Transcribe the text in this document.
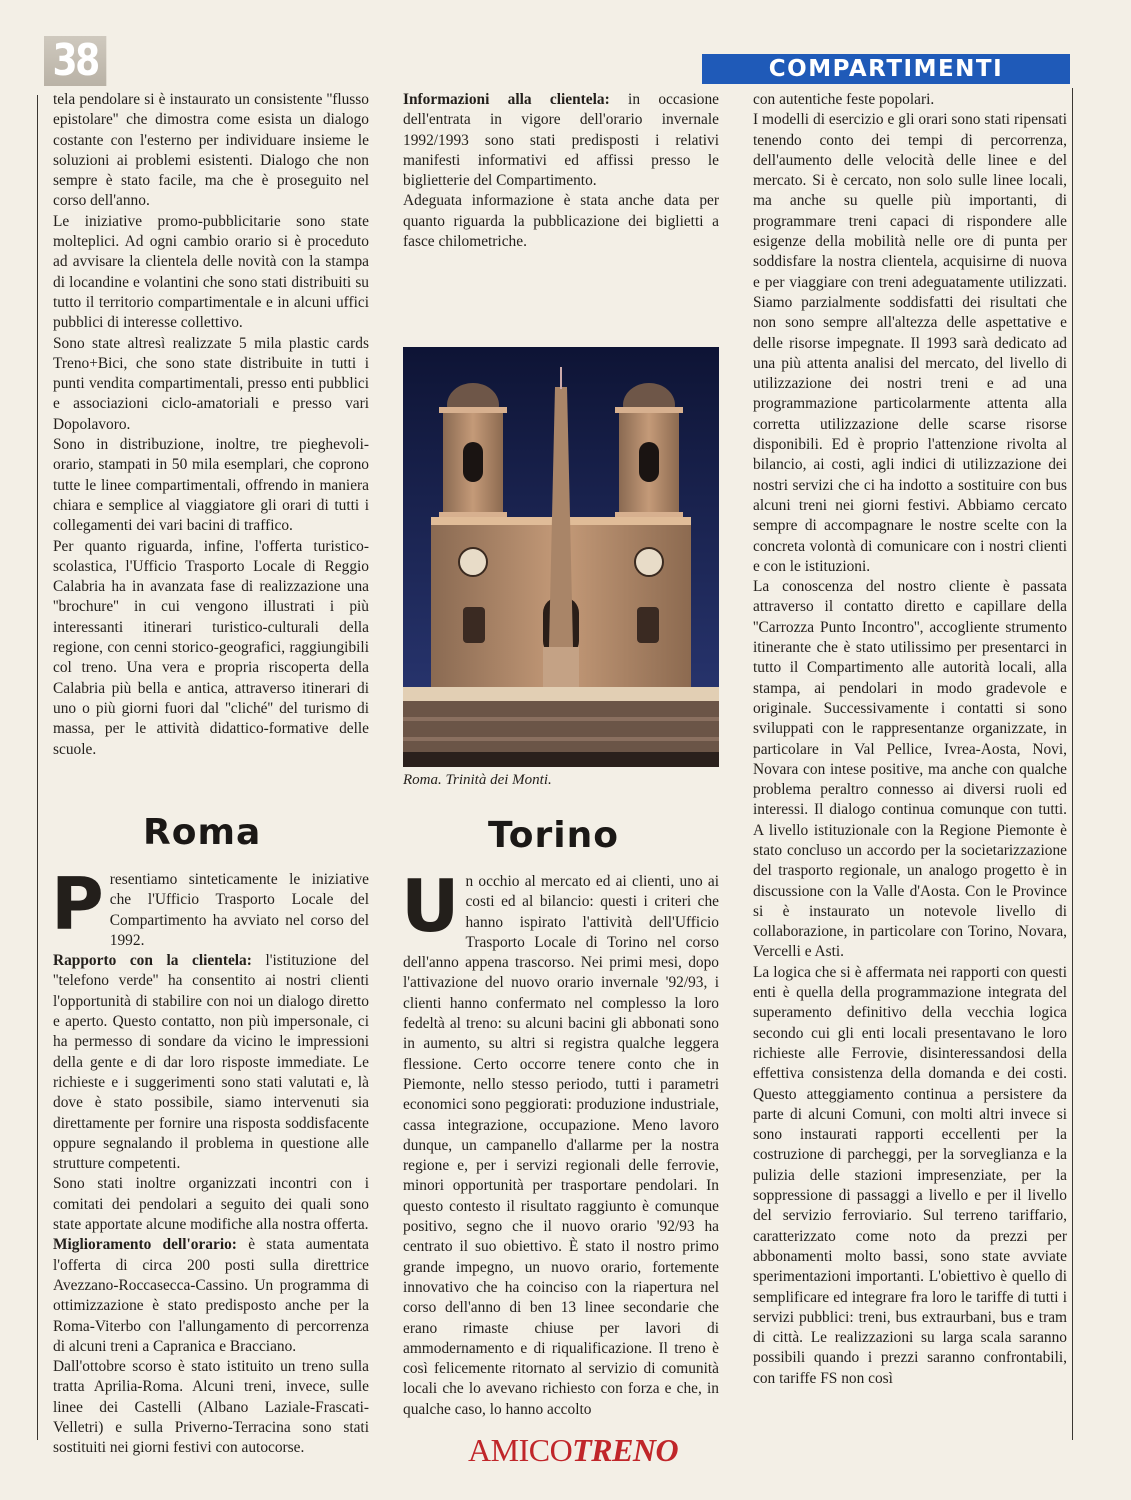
38	COMPARTIMENTI

tela pendolare si è instaurato un consistente ''flusso epistolare'' che dimostra come esista un dialogo costante con l'esterno per individuare insieme le soluzioni ai problemi esistenti. Dialogo che non sempre è stato facile, ma che è proseguito nel corso dell'anno.

Le iniziative promo-pubblicitarie sono state molteplici. Ad ogni cambio orario si è proceduto ad avvisare la clientela delle novità con la stampa di locandine e volantini che sono stati distribuiti su tutto il territorio compartimentale e in alcuni uffici pubblici di interesse collettivo.

Sono state altresì realizzate 5 mila plastic cards Treno+Bici, che sono state distribuite in tutti i punti vendita compartimentali, presso enti pubblici e associazioni ciclo-amatoriali e presso vari Dopolavoro.

Sono in distribuzione, inoltre, tre pieghevoli-orario, stampati in 50 mila esemplari, che coprono tutte le linee compartimentali, offrendo in maniera chiara e semplice al viaggiatore gli orari di tutti i collegamenti dei vari bacini di traffico.

Per quanto riguarda, infine, l'offerta turistico-scolastica, l'Ufficio Trasporto Locale di Reggio Calabria ha in avanzata fase di realizzazione una ''brochure'' in cui vengono illustrati i più interessanti itinerari turistico-culturali della regione, con cenni storico-geografici, raggiungibili col treno. Una vera e propria riscoperta della Calabria più bella e antica, attraverso itinerari di uno o più giorni fuori dal ''cliché'' del turismo di massa, per le attività didattico-formative delle scuole.

Roma

Presentiamo sinteticamente le iniziative che l'Ufficio Trasporto Locale del Compartimento ha avviato nel corso del 1992.

Rapporto con la clientela: l'istituzione del ''telefono verde'' ha consentito ai nostri clienti l'opportunità di stabilire con noi un dialogo diretto e aperto. Questo contatto, non più impersonale, ci ha permesso di sondare da vicino le impressioni della gente e di dar loro risposte immediate. Le richieste e i suggerimenti sono stati valutati e, là dove è stato possibile, siamo intervenuti sia direttamente per fornire una risposta soddisfacente oppure segnalando il problema in questione alle strutture competenti.

Sono stati inoltre organizzati incontri con i comitati dei pendolari a seguito dei quali sono state apportate alcune modifiche alla nostra offerta.

Miglioramento dell'orario: è stata aumentata l'offerta di circa 200 posti sulla direttrice Avezzano-Roccasecca-Cassino. Un programma di ottimizzazione è stato predisposto anche per la Roma-Viterbo con l'allungamento di percorrenza di alcuni treni a Capranica e Bracciano.

Dall'ottobre scorso è stato istituito un treno sulla tratta Aprilia-Roma. Alcuni treni, invece, sulle linee dei Castelli (Albano Laziale-Frascati-Velletri) e sulla Priverno-Terracina sono stati sostituiti nei giorni festivi con autocorse.

Informazioni alla clientela: in occasione dell'entrata in vigore dell'orario invernale 1992/1993 sono stati predisposti i relativi manifesti informativi ed affissi presso le biglietterie del Compartimento.

Adeguata informazione è stata anche data per quanto riguarda la pubblicazione dei biglietti a fasce chilometriche.

Roma. Trinità dei Monti.
Torino

Un occhio al mercato ed ai clienti, uno ai costi ed al bilancio: questi i criteri che hanno ispirato l'attività dell'Ufficio Trasporto Locale di Torino nel corso dell'anno appena trascorso. Nei primi mesi, dopo l'attivazione del nuovo orario invernale '92/93, i clienti hanno confermato nel complesso la loro fedeltà al treno: su alcuni bacini gli abbonati sono in aumento, su altri si registra qualche leggera flessione. Certo occorre tenere conto che in Piemonte, nello stesso periodo, tutti i parametri economici sono peggiorati: produzione industriale, cassa integrazione, occupazione. Meno lavoro dunque, un campanello d'allarme per la nostra regione e, per i servizi regionali delle ferrovie, minori opportunità per trasportare pendolari. In questo contesto il risultato raggiunto è comunque positivo, segno che il nuovo orario '92/93 ha centrato il suo obiettivo. È stato il nostro primo grande impegno, un nuovo orario, fortemente innovativo che ha coinciso con la riapertura nel corso dell'anno di ben 13 linee secondarie che erano rimaste chiuse per lavori di ammodernamento e di riqualificazione. Il treno è così felicemente ritornato al servizio di comunità locali che lo avevano richiesto con forza e che, in qualche caso, lo hanno accolto

con autentiche feste popolari.

I modelli di esercizio e gli orari sono stati ripensati tenendo conto dei tempi di percorrenza, dell'aumento delle velocità delle linee e del mercato. Si è cercato, non solo sulle linee locali, ma anche su quelle più importanti, di programmare treni capaci di rispondere alle esigenze della mobilità nelle ore di punta per soddisfare la nostra clientela, acquisirne di nuova e per viaggiare con treni adeguatamente utilizzati. Siamo parzialmente soddisfatti dei risultati che non sono sempre all'altezza delle aspettative e delle risorse impegnate. Il 1993 sarà dedicato ad una più attenta analisi del mercato, del livello di utilizzazione dei nostri treni e ad una programmazione particolarmente attenta alla corretta utilizzazione delle scarse risorse disponibili. Ed è proprio l'attenzione rivolta al bilancio, ai costi, agli indici di utilizzazione dei nostri servizi che ci ha indotto a sostituire con bus alcuni treni nei giorni festivi. Abbiamo cercato sempre di accompagnare le nostre scelte con la concreta volontà di comunicare con i nostri clienti e con le istituzioni.

La conoscenza del nostro cliente è passata attraverso il contatto diretto e capillare della ''Carrozza Punto Incontro'', accogliente strumento itinerante che è stato utilissimo per presentarci in tutto il Compartimento alle autorità locali, alla stampa, ai pendolari in modo gradevole e originale. Successivamente i contatti si sono sviluppati con le rappresentanze organizzate, in particolare in Val Pellice, Ivrea-Aosta, Novi, Novara con intese positive, ma anche con qualche problema peraltro connesso ai diversi ruoli ed interessi. Il dialogo continua comunque con tutti. A livello istituzionale con la Regione Piemonte è stato concluso un accordo per la societarizzazione del trasporto regionale, un analogo progetto è in discussione con la Valle d'Aosta. Con le Province si è instaurato un notevole livello di collaborazione, in particolare con Torino, Novara, Vercelli e Asti.

La logica che si è affermata nei rapporti con questi enti è quella della programmazione integrata del superamento definitivo della vecchia logica secondo cui gli enti locali presentavano le loro richieste alle Ferrovie, disinteressandosi della effettiva consistenza della domanda e dei costi. Questo atteggiamento continua a persistere da parte di alcuni Comuni, con molti altri invece si sono instaurati rapporti eccellenti per la costruzione di parcheggi, per la sorveglianza e la pulizia delle stazioni impresenziate, per la soppressione di passaggi a livello e per il livello del servizio ferroviario. Sul terreno tariffario, caratterizzato come noto da prezzi per abbonamenti molto bassi, sono state avviate sperimentazioni importanti. L'obiettivo è quello di semplificare ed integrare fra loro le tariffe di tutti i servizi pubblici: treni, bus extraurbani, bus e tram di città. Le realizzazioni su larga scala saranno possibili quando i prezzi saranno confrontabili, con tariffe FS non così

AMICOTRENO
